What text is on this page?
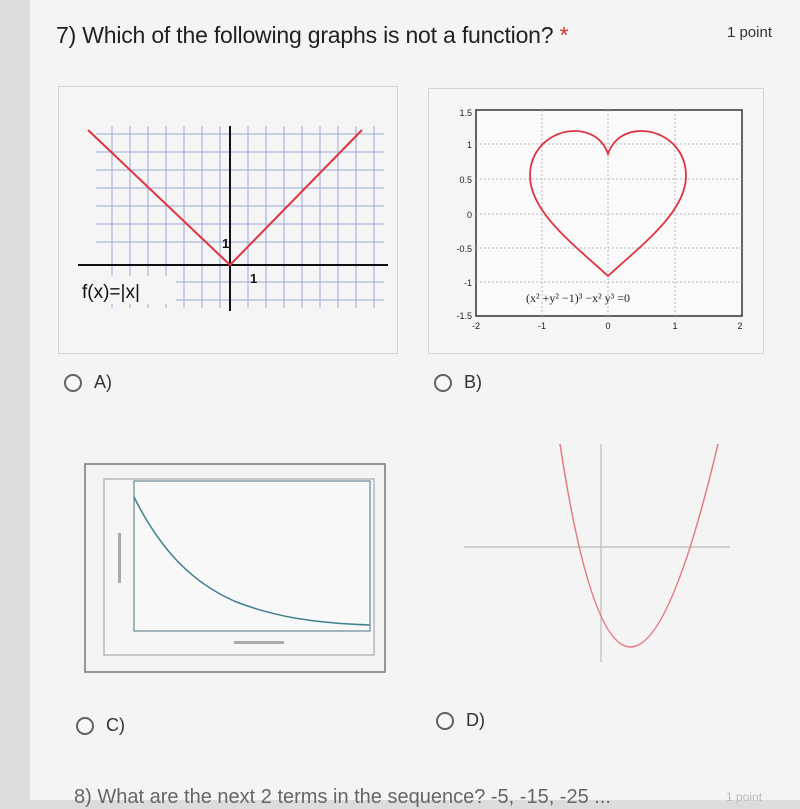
7) Which of the following graphs is not a function? *	1 point
1
1
f(x)=|x|
1.5
1
0.5
0
-0.5
-1
-1.5
-2	-1	0	1	2
(x² +y² −1)³ −x² y³ =0
A)	B)
C)	D)
8) What are the next 2 terms in the sequence? -5, -15, -25 ...	1 point
